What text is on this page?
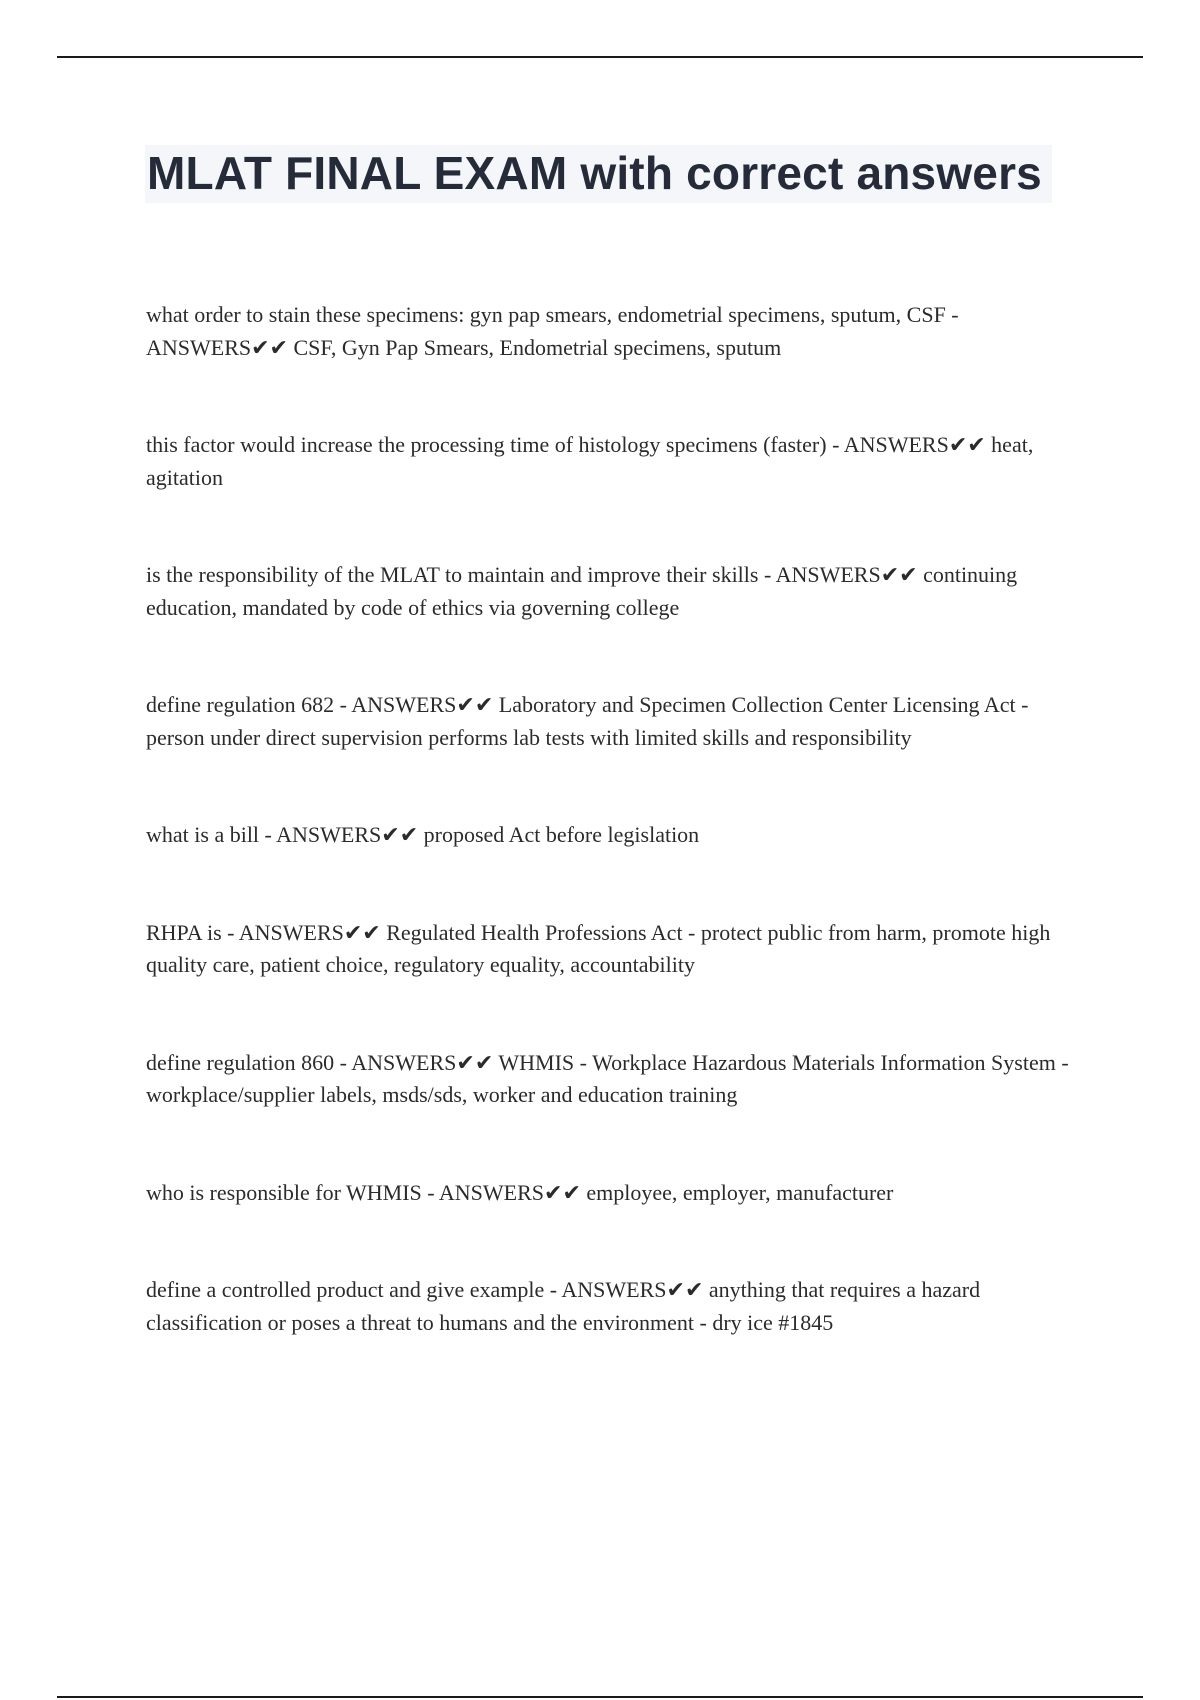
MLAT FINAL EXAM with correct answers
what order to stain these specimens: gyn pap smears, endometrial specimens, sputum, CSF - ANSWERS✔✔ CSF, Gyn Pap Smears, Endometrial specimens, sputum
this factor would increase the processing time of histology specimens (faster) - ANSWERS✔✔ heat, agitation
is the responsibility of the MLAT to maintain and improve their skills - ANSWERS✔✔ continuing education, mandated by code of ethics via governing college
define regulation 682 - ANSWERS✔✔ Laboratory and Specimen Collection Center Licensing Act - person under direct supervision performs lab tests with limited skills and responsibility
what is a bill - ANSWERS✔✔ proposed Act before legislation
RHPA is - ANSWERS✔✔ Regulated Health Professions Act - protect public from harm, promote high quality care, patient choice, regulatory equality, accountability
define regulation 860 - ANSWERS✔✔ WHMIS - Workplace Hazardous Materials Information System - workplace/supplier labels, msds/sds, worker and education training
who is responsible for WHMIS - ANSWERS✔✔ employee, employer, manufacturer
define a controlled product and give example - ANSWERS✔✔ anything that requires a hazard classification or poses a threat to humans and the environment - dry ice #1845
